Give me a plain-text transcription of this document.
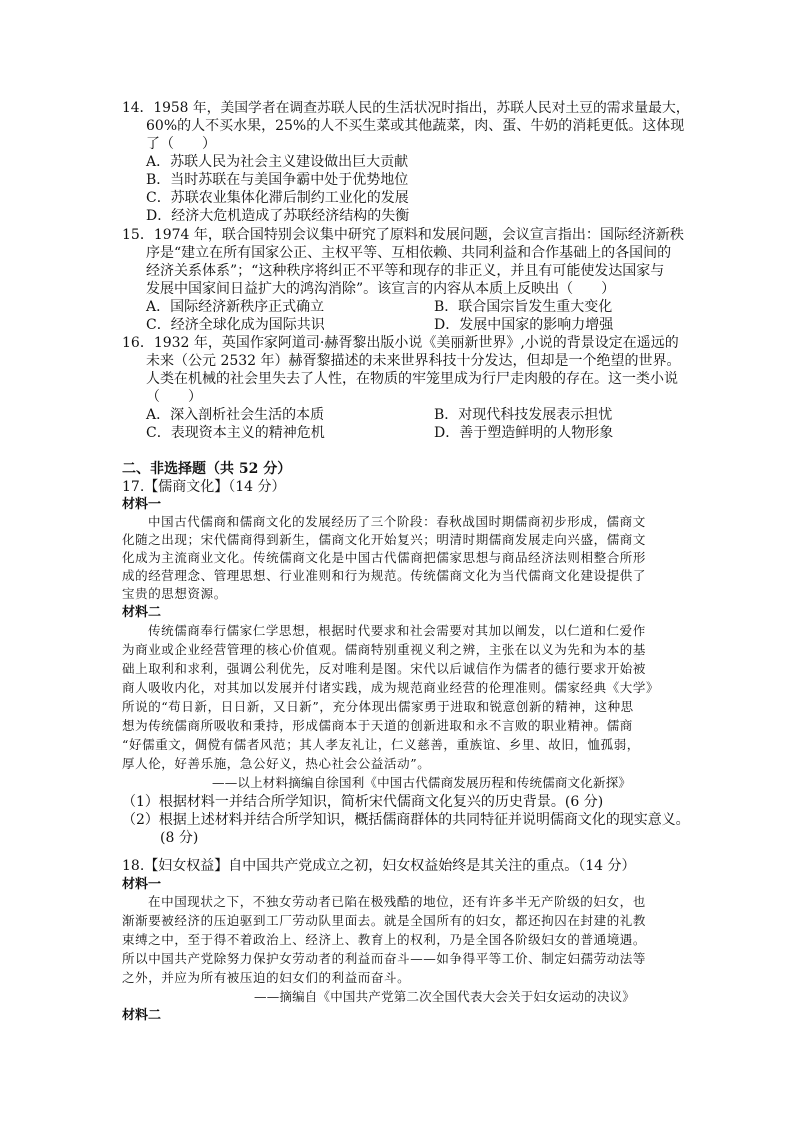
14．1958 年，美国学者在调查苏联人民的生活状况时指出，苏联人民对土豆的需求量最大，
60%的人不买水果，25%的人不买生菜或其他蔬菜，肉、蛋、牛奶的消耗更低。这体现
了（　　）
A．苏联人民为社会主义建设做出巨大贡献
B．当时苏联在与美国争霸中处于优势地位
C．苏联农业集体化滞后制约工业化的发展
D．经济大危机造成了苏联经济结构的失衡
15．1974 年，联合国特别会议集中研究了原料和发展问题，会议宣言指出：国际经济新秩
序是“建立在所有国家公正、主权平等、互相依赖、共同利益和合作基础上的各国间的
经济关系体系”；“这种秩序将纠正不平等和现存的非正义，并且有可能使发达国家与
发展中国家间日益扩大的鸿沟消除”。该宣言的内容从本质上反映出（　　）
A．国际经济新秩序正式确立	B．联合国宗旨发生重大变化
C．经济全球化成为国际共识	D．发展中国家的影响力增强
16．1932 年，英国作家阿道司·赫胥黎出版小说《美丽新世界》,小说的背景设定在遥远的
未来（公元 2532 年）赫胥黎描述的未来世界科技十分发达，但却是一个绝望的世界。
人类在机械的社会里失去了人性，在物质的牢笼里成为行尸走肉般的存在。这一类小说
（　　）
A．深入剖析社会生活的本质	B．对现代科技发展表示担忧
C．表现资本主义的精神危机	D．善于塑造鲜明的人物形象
二、非选择题（共 52 分）
17.【儒商文化】（14 分）
材料一
中国古代儒商和儒商文化的发展经历了三个阶段：春秋战国时期儒商初步形成，儒商文
化随之出现；宋代儒商得到新生，儒商文化开始复兴；明清时期儒商发展走向兴盛，儒商文
化成为主流商业文化。传统儒商文化是中国古代儒商把儒家思想与商品经济法则相整合所形
成的经营理念、管理思想、行业准则和行为规范。传统儒商文化为当代儒商文化建设提供了
宝贵的思想资源。
材料二
传统儒商奉行儒家仁学思想，根据时代要求和社会需要对其加以阐发，以仁道和仁爱作
为商业或企业经营管理的核心价值观。儒商特别重视义利之辨，主张在以义为先和为本的基
础上取利和求利，强调公利优先，反对唯利是图。宋代以后诚信作为儒者的德行要求开始被
商人吸收内化，对其加以发展并付诸实践，成为规范商业经营的伦理准则。儒家经典《大学》
所说的“苟日新，日日新，又日新”，充分体现出儒家勇于进取和锐意创新的精神，这种思
想为传统儒商所吸收和秉持，形成儒商本于天道的创新进取和永不言败的职业精神。儒商
“好儒重文，倜傥有儒者风范；其人孝友礼让，仁义慈善，重族谊、乡里、故旧，恤孤弱，
厚人伦，好善乐施，急公好义，热心社会公益活动”。
——以上材料摘编自徐国利《中国古代儒商发展历程和传统儒商文化新探》
（1）根据材料一并结合所学知识，简析宋代儒商文化复兴的历史背景。(6 分)
（2）根据上述材料并结合所学知识，概括儒商群体的共同特征并说明儒商文化的现实意义。
(8 分)
18.【妇女权益】自中国共产党成立之初，妇女权益始终是其关注的重点。（14 分）
材料一
在中国现状之下，不独女劳动者已陷在极残酷的地位，还有许多半无产阶级的妇女，也
渐渐要被经济的压迫驱到工厂劳动队里面去。就是全国所有的妇女，都还拘囚在封建的礼教
束缚之中，至于得不着政治上、经济上、教育上的权利，乃是全国各阶级妇女的普通境遇。
所以中国共产党除努力保护女劳动者的利益而奋斗——如争得平等工价、制定妇孺劳动法等
之外，并应为所有被压迫的妇女们的利益而奋斗。
——摘编自《中国共产党第二次全国代表大会关于妇女运动的决议》
材料二
